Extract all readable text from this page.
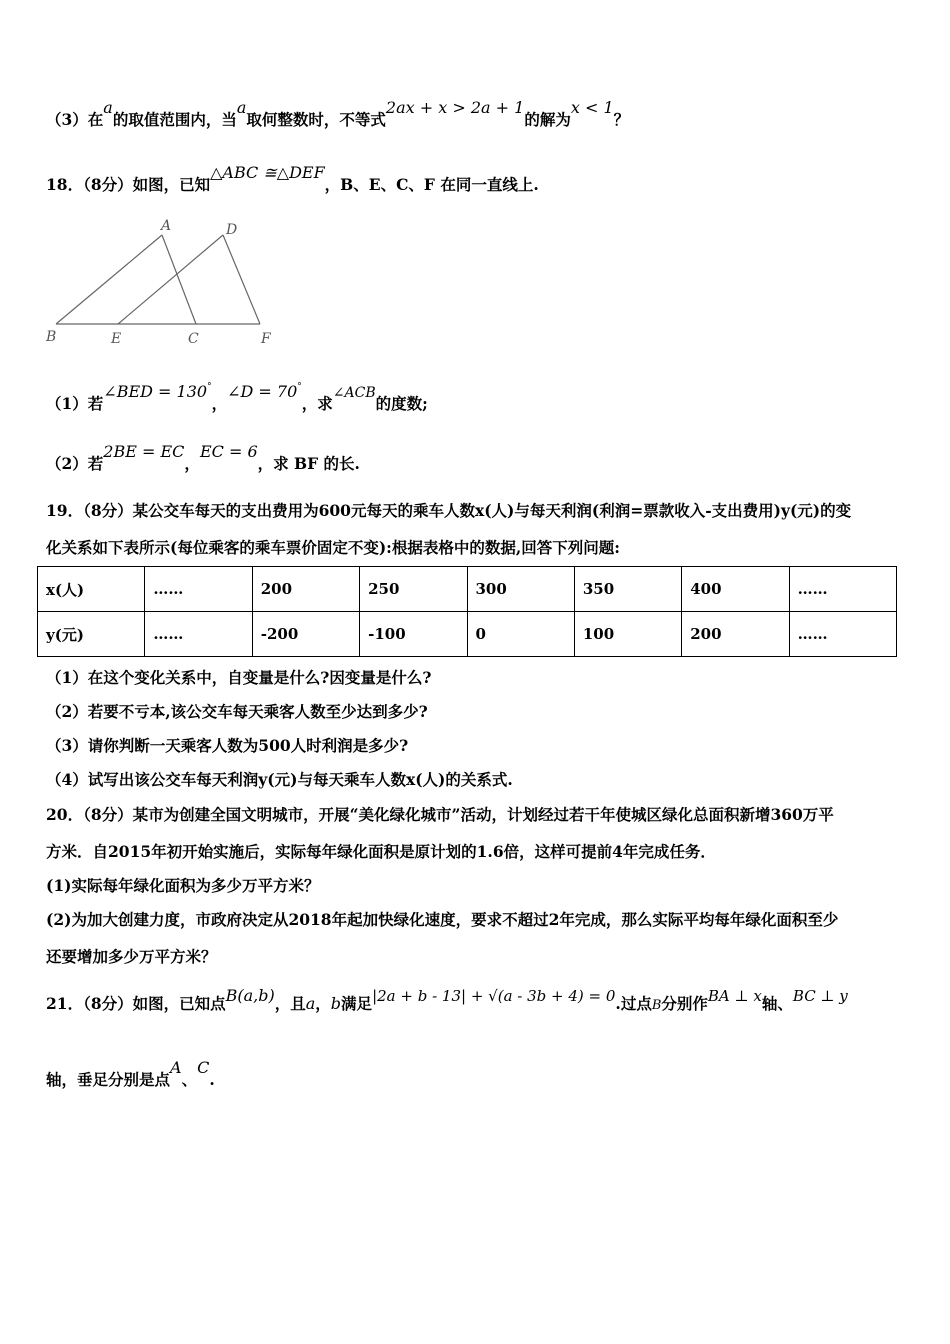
（3）在a的取值范围内，当a取何整数时，不等式2ax + x > 2a + 1的解为x < 1？
18．（8分）如图，已知△ABC ≅△DEF，B、E、C、F 在同一直线上.
A	D
B	E	C	F
（1）若∠BED = 130°，∠D = 70°，求∠ACB的度数;
（2）若2BE = EC，EC = 6，求 BF 的长.
19．（8分）某公交车每天的支出费用为600元每天的乘车人数x(人)与每天利润(利润=票款收入-支出费用)y(元)的变
化关系如下表所示(每位乘客的乘车票价固定不变):根据表格中的数据,回答下列问题:
x(人)	……	200	250	300	350	400	……
y(元)	……	-200	-100	0	100	200	……
（1）在这个变化关系中，自变量是什么?因变量是什么?
（2）若要不亏本,该公交车每天乘客人数至少达到多少?
（3）请你判断一天乘客人数为500人时利润是多少?
（4）试写出该公交车每天利润y(元)与每天乘车人数x(人)的关系式.
20．（8分）某市为创建全国文明城市，开展“美化绿化城市”活动，计划经过若干年使城区绿化总面积新增360万平
方米．自2015年初开始实施后，实际每年绿化面积是原计划的1.6倍，这样可提前4年完成任务．
(1)实际每年绿化面积为多少万平方米？
(2)为加大创建力度，市政府决定从2018年起加快绿化速度，要求不超过2年完成，那么实际平均每年绿化面积至少
还要增加多少万平方米？
21．（8分）如图，已知点B(a,b)，且a，b满足|2a + b - 13| + √(a - 3b + 4) = 0.过点B分别作BA ⊥ x轴、BC ⊥ y
轴，垂足分别是点A、C.
